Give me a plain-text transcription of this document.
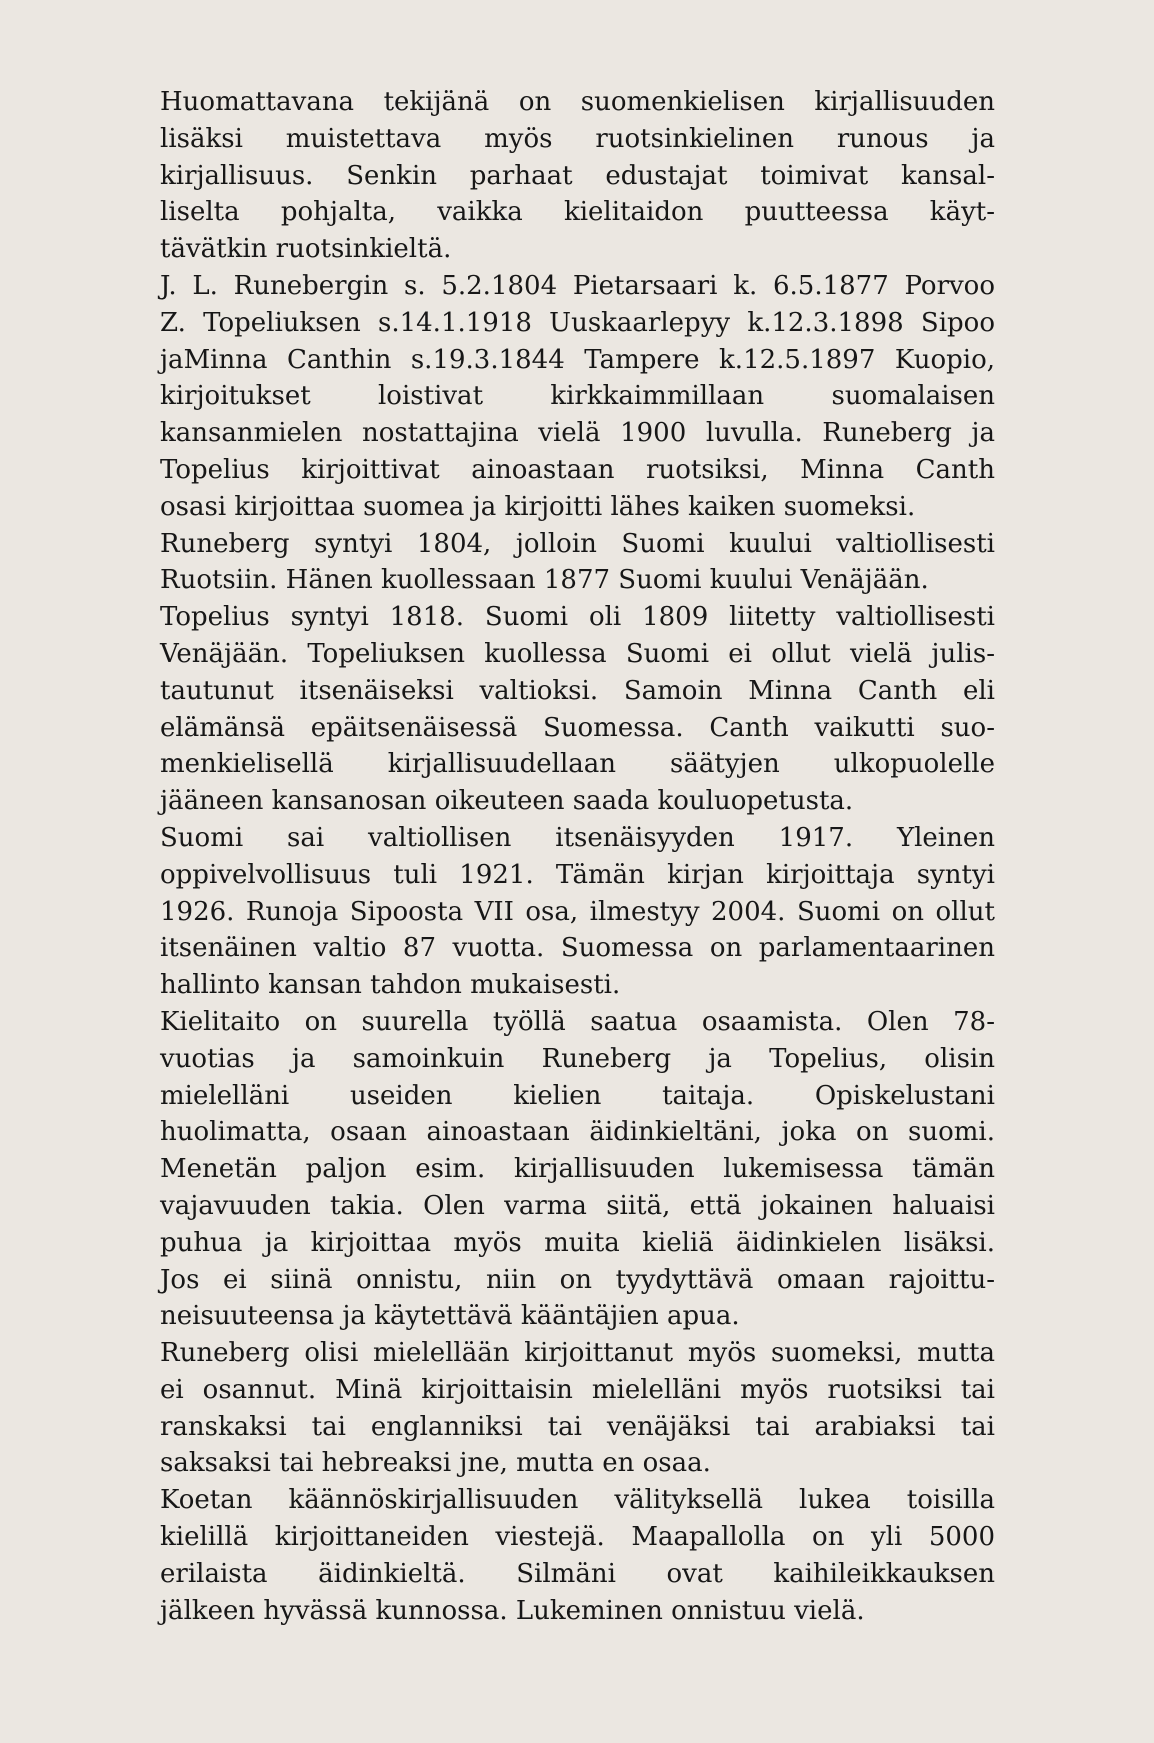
Huomattavana tekijänä on suomenkielisen kirjallisuuden
lisäksi muistettava myös ruotsinkielinen runous ja
kirjallisuus. Senkin parhaat edustajat toimivat kansal-
liselta pohjalta, vaikka kielitaidon puutteessa käyt-
tävätkin ruotsinkieltä.
J. L. Runebergin s. 5.2.1804 Pietarsaari k. 6.5.1877 Porvoo
Z. Topeliuksen s.14.1.1918 Uuskaarlepyy k.12.3.1898 Sipoo
jaMinna Canthin s.19.3.1844 Tampere k.12.5.1897 Kuopio,
kirjoitukset loistivat kirkkaimmillaan suomalaisen
kansanmielen nostattajina vielä 1900 luvulla. Runeberg ja
Topelius kirjoittivat ainoastaan ruotsiksi, Minna Canth
osasi kirjoittaa suomea ja kirjoitti lähes kaiken suomeksi.
Runeberg syntyi 1804, jolloin Suomi kuului valtiollisesti
Ruotsiin. Hänen kuollessaan 1877 Suomi kuului Venäjään.
Topelius syntyi 1818. Suomi oli 1809 liitetty valtiollisesti
Venäjään. Topeliuksen kuollessa Suomi ei ollut vielä julis-
tautunut itsenäiseksi valtioksi. Samoin Minna Canth eli
elämänsä epäitsenäisessä Suomessa. Canth vaikutti suo-
menkielisellä kirjallisuudellaan säätyjen ulkopuolelle
jääneen kansanosan oikeuteen saada kouluopetusta.
Suomi sai valtiollisen itsenäisyyden 1917. Yleinen
oppivelvollisuus tuli 1921. Tämän kirjan kirjoittaja syntyi
1926. Runoja Sipoosta VII osa, ilmestyy 2004. Suomi on ollut
itsenäinen valtio 87 vuotta. Suomessa on parlamentaarinen
hallinto kansan tahdon mukaisesti.
Kielitaito on suurella työllä saatua osaamista. Olen 78-
vuotias ja samoinkuin Runeberg ja Topelius, olisin
mielelläni useiden kielien taitaja. Opiskelustani
huolimatta, osaan ainoastaan äidinkieltäni, joka on suomi.
Menetän paljon esim. kirjallisuuden lukemisessa tämän
vajavuuden takia. Olen varma siitä, että jokainen haluaisi
puhua ja kirjoittaa myös muita kieliä äidinkielen lisäksi.
Jos ei siinä onnistu, niin on tyydyttävä omaan rajoittu-
neisuuteensa ja käytettävä kääntäjien apua.
Runeberg olisi mielellään kirjoittanut myös suomeksi, mutta
ei osannut. Minä kirjoittaisin mielelläni myös ruotsiksi tai
ranskaksi tai englanniksi tai venäjäksi tai arabiaksi tai
saksaksi tai hebreaksi jne, mutta en osaa.
Koetan käännöskirjallisuuden välityksellä lukea toisilla
kielillä kirjoittaneiden viestejä. Maapallolla on yli 5000
erilaista äidinkieltä. Silmäni ovat kaihileikkauksen
jälkeen hyvässä kunnossa. Lukeminen onnistuu vielä.
